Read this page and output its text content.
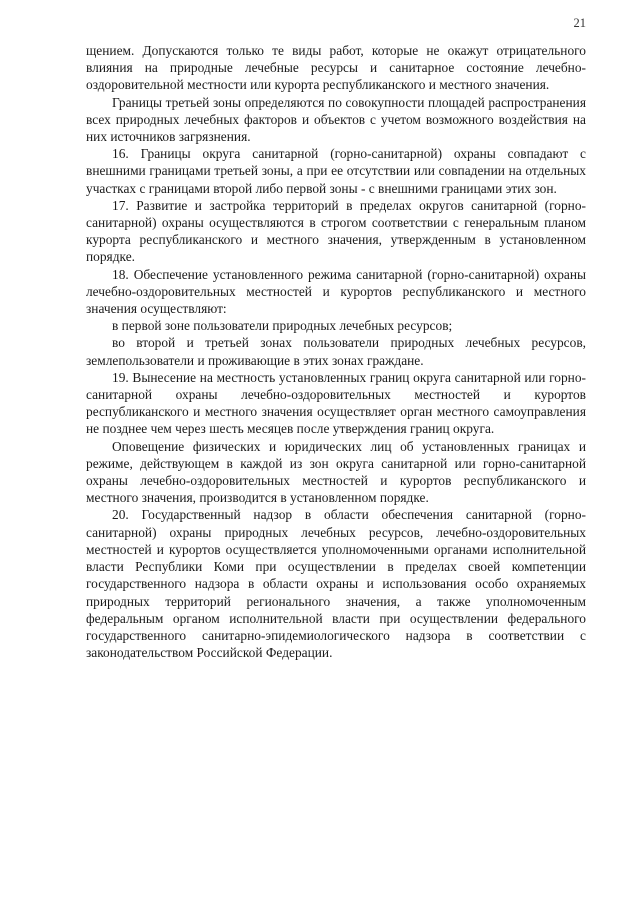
21

щением. Допускаются только те виды работ, которые не окажут отрицательного влияния на природные лечебные ресурсы и санитарное состояние лечебно-оздоровительной местности или курорта республиканского и местного значения.

Границы третьей зоны определяются по совокупности площадей распространения всех природных лечебных факторов и объектов с учетом возможного воздействия на них источников загрязнения.

16. Границы округа санитарной (горно-санитарной) охраны совпадают с внешними границами третьей зоны, а при ее отсутствии или совпадении на отдельных участках с границами второй либо первой зоны - с внешними границами этих зон.

17. Развитие и застройка территорий в пределах округов санитарной (горно-санитарной) охраны осуществляются в строгом соответствии с генеральным планом курорта республиканского и местного значения, утвержденным в установленном порядке.

18. Обеспечение установленного режима санитарной (горно-санитарной) охраны лечебно-оздоровительных местностей и курортов республиканского и местного значения осуществляют:

в первой зоне пользователи природных лечебных ресурсов;

во второй и третьей зонах пользователи природных лечебных ресурсов, землепользователи и проживающие в этих зонах граждане.

19. Вынесение на местность установленных границ округа санитарной или горно-санитарной охраны лечебно-оздоровительных местностей и курортов республиканского и местного значения осуществляет орган местного самоуправления не позднее чем через шесть месяцев после утверждения границ округа.

Оповещение физических и юридических лиц об установленных границах и режиме, действующем в каждой из зон округа санитарной или горно-санитарной охраны лечебно-оздоровительных местностей и курортов республиканского и местного значения, производится в установленном порядке.

20. Государственный надзор в области обеспечения санитарной (горно-санитарной) охраны природных лечебных ресурсов, лечебно-оздоровительных местностей и курортов осуществляется уполномоченными органами исполнительной власти Республики Коми при осуществлении в пределах своей компетенции государственного надзора в области охраны и использования особо охраняемых природных территорий регионального значения, а также уполномоченным федеральным органом исполнительной власти при осуществлении федерального государственного санитарно-эпидемиологического надзора в соответствии с законодательством Российской Федерации.
